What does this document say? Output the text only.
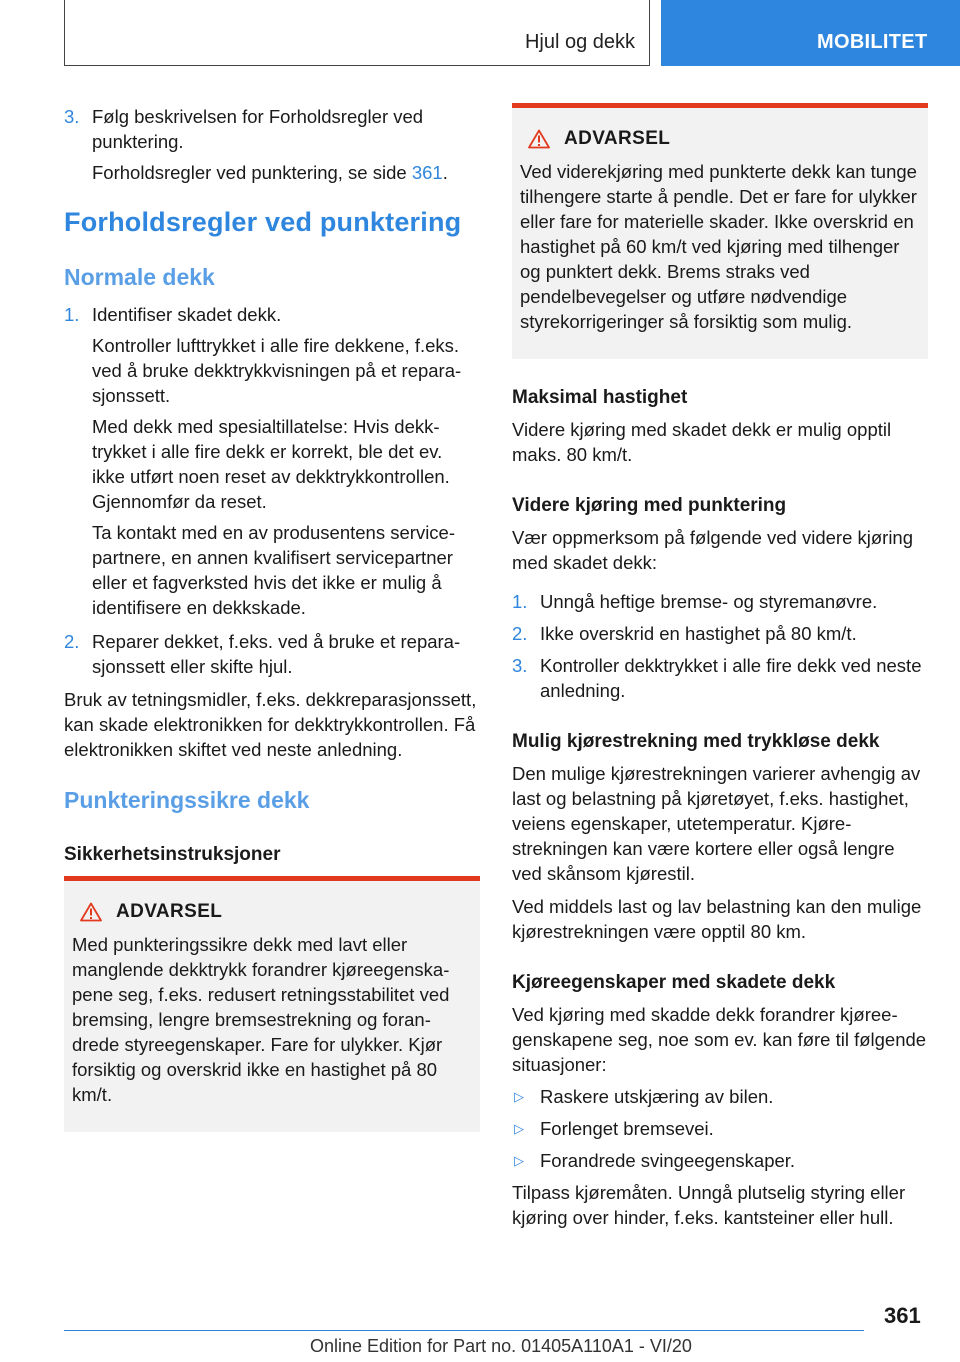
Hjul og dekk	MOBILITET
3. Følg beskrivelsen for Forholdsregler ved punktering.
Forholdsregler ved punktering, se side 361.
Forholdsregler ved punktering
Normale dekk
1. Identifiser skadet dekk.
Kontroller lufttrykket i alle fire dekkene, f.eks. ved å bruke dekktrykkvisningen på et reparasjonssett.
Med dekk med spesialtillatelse: Hvis dekktrykket i alle fire dekk er korrekt, ble det ev. ikke utført noen reset av dekktrykkontrollen. Gjennomfør da reset.
Ta kontakt med en av produsentens servicepartnere, en annen kvalifisert servicepartner eller et fagverksted hvis det ikke er mulig å identifisere en dekkskade.
2. Reparer dekket, f.eks. ved å bruke et reparasjonssett eller skifte hjul.
Bruk av tetningsmidler, f.eks. dekkreparasjonssett, kan skade elektronikken for dekktrykkontrollen. Få elektronikken skiftet ved neste anledning.
Punkteringssikre dekk
Sikkerhetsinstruksjoner
ADVARSEL
Med punkteringssikre dekk med lavt eller manglende dekktrykk forandrer kjøreegenskapene seg, f.eks. redusert retningsstabilitet ved bremsing, lengre bremsestrekning og forandrede styreegenskaper. Fare for ulykker. Kjør forsiktig og overskrid ikke en hastighet på 80 km/t.
ADVARSEL
Ved viderekjøring med punkterte dekk kan tunge tilhengere starte å pendle. Det er fare for ulykker eller fare for materielle skader. Ikke overskrid en hastighet på 60 km/t ved kjøring med tilhenger og punktert dekk. Brems straks ved pendelbevegelser og utføre nødvendige styrekorrigeringer så forsiktig som mulig.
Maksimal hastighet
Videre kjøring med skadet dekk er mulig opptil maks. 80 km/t.
Videre kjøring med punktering
Vær oppmerksom på følgende ved videre kjøring med skadet dekk:
1. Unngå heftige bremse- og styremanøvre.
2. Ikke overskrid en hastighet på 80 km/t.
3. Kontroller dekktrykket i alle fire dekk ved neste anledning.
Mulig kjørestrekning med trykkløse dekk
Den mulige kjørestrekningen varierer avhengig av last og belastning på kjøretøyet, f.eks. hastighet, veiens egenskaper, utetemperatur. Kjørestrekningen kan være kortere eller også lengre ved skånsom kjørestil.
Ved middels last og lav belastning kan den mulige kjørestrekningen være opptil 80 km.
Kjøreegenskaper med skadete dekk
Ved kjøring med skadde dekk forandrer kjøreegenskapene seg, noe som ev. kan føre til følgende situasjoner:
▷ Raskere utskjæring av bilen.
▷ Forlenget bremsevei.
▷ Forandrede svingeegenskaper.
Tilpass kjøremåten. Unngå plutselig styring eller kjøring over hinder, f.eks. kantsteiner eller hull.
361
Online Edition for Part no. 01405A110A1 - VI/20
